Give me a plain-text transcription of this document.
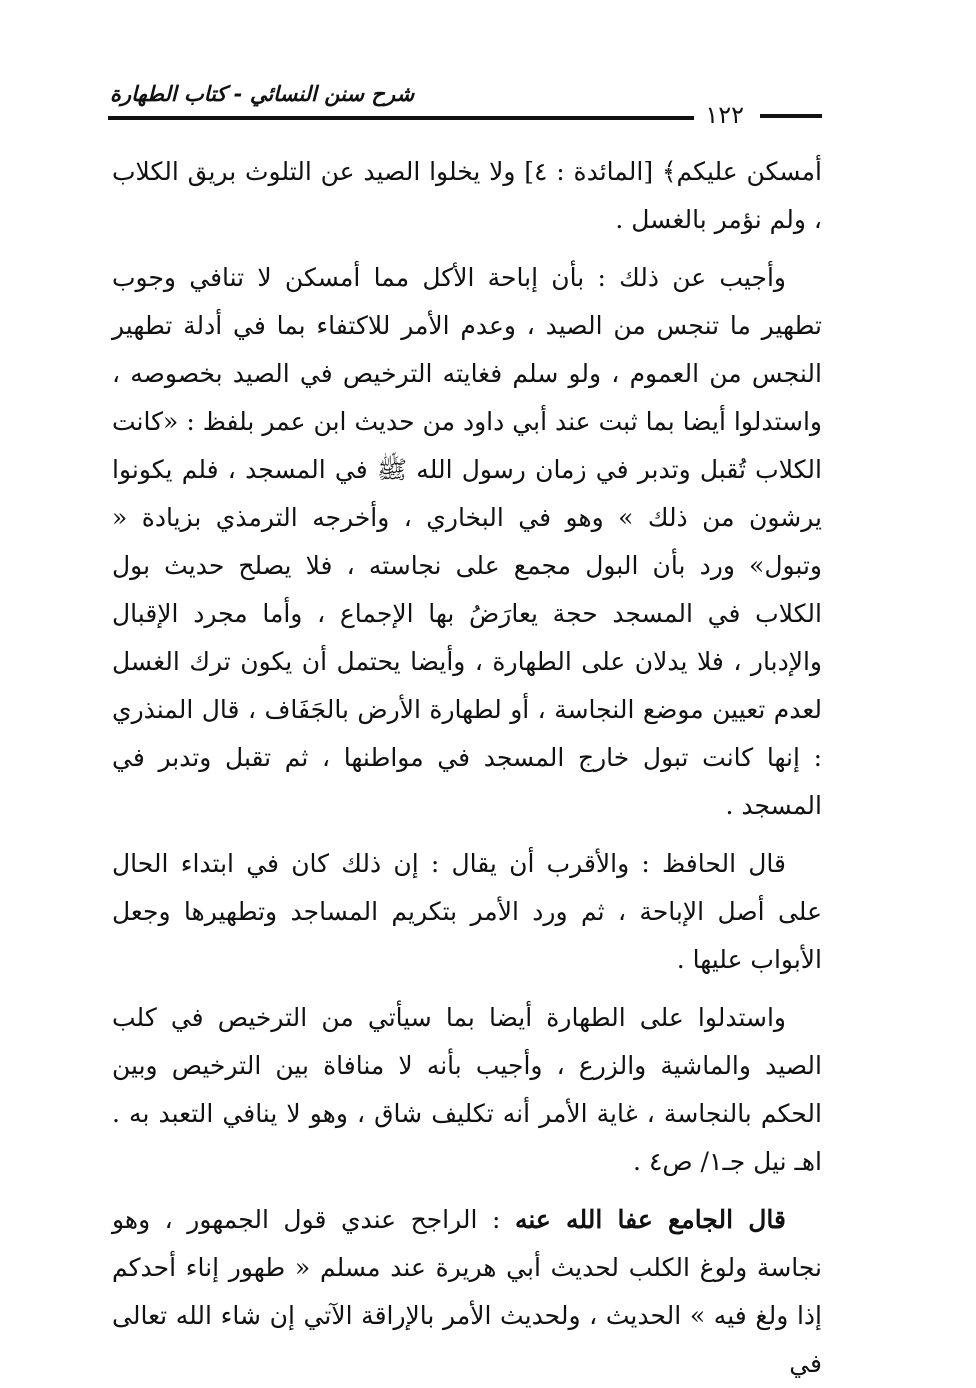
شرح سنن النسائي - كتاب الطهارة
١٢٢

أمسكن عليكم﴾ [المائدة : ٤] ولا يخلوا الصيد عن التلوث بريق الكلاب ، ولم نؤمر بالغسل .

وأجيب عن ذلك : بأن إباحة الأكل مما أمسكن لا تنافي وجوب تطهير ما تنجس من الصيد ، وعدم الأمر للاكتفاء بما في أدلة تطهير النجس من العموم ، ولو سلم فغايته الترخيص في الصيد بخصوصه ، واستدلوا أيضا بما ثبت عند أبي داود من حديث ابن عمر بلفظ : «كانت الكلاب تُقبل وتدبر في زمان رسول الله ﷺ في المسجد ، فلم يكونوا يرشون من ذلك » وهو في البخاري ، وأخرجه الترمذي بزيادة « وتبول» ورد بأن البول مجمع على نجاسته ، فلا يصلح حديث بول الكلاب في المسجد حجة يعارَضُ بها الإجماع ، وأما مجرد الإقبال والإدبار ، فلا يدلان على الطهارة ، وأيضا يحتمل أن يكون ترك الغسل لعدم تعيين موضع النجاسة ، أو لطهارة الأرض بالجَفَاف ، قال المنذري : إنها كانت تبول خارج المسجد في مواطنها ، ثم تقبل وتدبر في المسجد .

قال الحافظ : والأقرب أن يقال : إن ذلك كان في ابتداء الحال على أصل الإباحة ، ثم ورد الأمر بتكريم المساجد وتطهيرها وجعل الأبواب عليها .

واستدلوا على الطهارة أيضا بما سيأتي من الترخيص في كلب الصيد والماشية والزرع ، وأجيب بأنه لا منافاة بين الترخيص وبين الحكم بالنجاسة ، غاية الأمر أنه تكليف شاق ، وهو لا ينافي التعبد به . اهـ نيل جـ١/ ص٤ .

قال الجامع عفا الله عنه : الراجح عندي قول الجمهور ، وهو نجاسة ولوغ الكلب لحديث أبي هريرة عند مسلم « طهور إناء أحدكم إذا ولغ فيه » الحديث ، ولحديث الأمر بالإراقة الآتي إن شاء الله تعالى في
